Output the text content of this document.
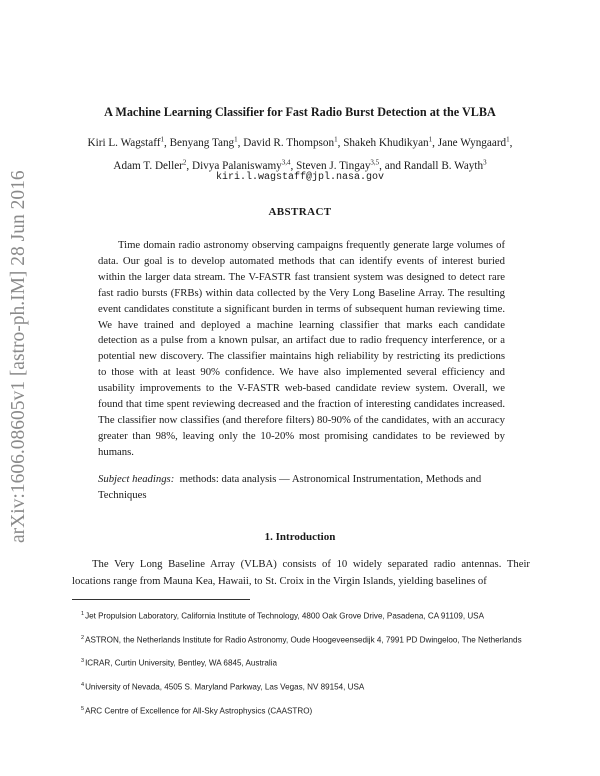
arXiv:1606.08605v1 [astro-ph.IM] 28 Jun 2016
A Machine Learning Classifier for Fast Radio Burst Detection at the VLBA
Kiri L. Wagstaff$^1$, Benyang Tang$^1$, David R. Thompson$^1$, Shakeh Khudikyan$^1$, Jane Wyngaard$^1$,
Adam T. Deller$^2$, Divya Palaniswamy$^{3,4}$, Steven J. Tingay$^{3,5}$, and Randall B. Wayth$^3$
kiri.l.wagstaff@jpl.nasa.gov
ABSTRACT

Time domain radio astronomy observing campaigns frequently generate large volumes of data. Our goal is to develop automated methods that can identify events of interest buried within the larger data stream. The V-FASTR fast transient system was designed to detect rare fast radio bursts (FRBs) within data collected by the Very Long Baseline Array. The resulting event candidates constitute a significant burden in terms of subsequent human reviewing time. We have trained and deployed a machine learning classifier that marks each candidate detection as a pulse from a known pulsar, an artifact due to radio frequency interference, or a potential new discovery. The classifier maintains high reliability by restricting its predictions to those with at least 90% confidence. We have also implemented several efficiency and usability improvements to the V-FASTR web-based candidate review system. Overall, we found that time spent reviewing decreased and the fraction of interesting candidates increased. The classifier now classifies (and therefore filters) 80-90% of the candidates, with an accuracy greater than 98%, leaving only the 10-20% most promising candidates to be reviewed by humans.

Subject headings: methods: data analysis — Astronomical Instrumentation, Methods and Techniques

1. Introduction

The Very Long Baseline Array (VLBA) consists of 10 widely separated radio antennas. Their locations range from Mauna Kea, Hawaii, to St. Croix in the Virgin Islands, yielding baselines of

$^1$Jet Propulsion Laboratory, California Institute of Technology, 4800 Oak Grove Drive, Pasadena, CA 91109, USA
$^2$ASTRON, the Netherlands Institute for Radio Astronomy, Oude Hoogeveensedijk 4, 7991 PD Dwingeloo, The Netherlands
$^3$ICRAR, Curtin University, Bentley, WA 6845, Australia
$^4$University of Nevada, 4505 S. Maryland Parkway, Las Vegas, NV 89154, USA
$^5$ARC Centre of Excellence for All-Sky Astrophysics (CAASTRO)
